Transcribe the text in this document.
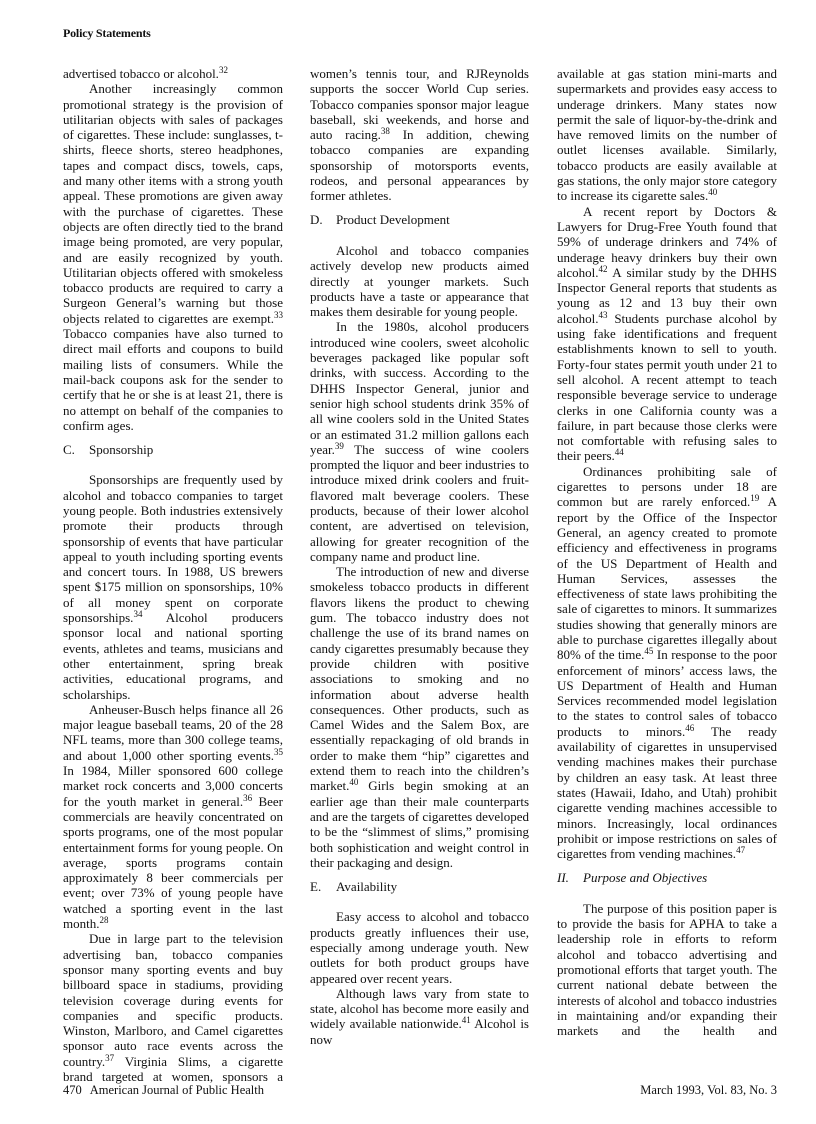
Policy Statements

advertised tobacco or alcohol.$^{32}$

Another increasingly common promotional strategy is the provision of utilitarian objects with sales of packages of cigarettes. These include: sunglasses, t-shirts, fleece shorts, stereo headphones, tapes and compact discs, towels, caps, and many other items with a strong youth appeal. These promotions are given away with the purchase of cigarettes. These objects are often directly tied to the brand image being promoted, are very popular, and are easily recognized by youth. Utilitarian objects offered with smokeless tobacco products are required to carry a Surgeon General’s warning but those objects related to cigarettes are exempt.$^{33}$ Tobacco companies have also turned to direct mail efforts and coupons to build mailing lists of consumers. While the mail-back coupons ask for the sender to certify that he or she is at least 21, there is no attempt on behalf of the companies to confirm ages.

C.	Sponsorship

Sponsorships are frequently used by alcohol and tobacco companies to target young people. Both industries extensively promote their products through sponsorship of events that have particular appeal to youth including sporting events and concert tours. In 1988, US brewers spent $175 million on sponsorships, 10% of all money spent on corporate sponsorships.$^{34}$ Alcohol producers sponsor local and national sporting events, athletes and teams, musicians and other entertainment, spring break activities, educational programs, and scholarships.

Anheuser-Busch helps finance all 26 major league baseball teams, 20 of the 28 NFL teams, more than 300 college teams, and about 1,000 other sporting events.$^{35}$ In 1984, Miller sponsored 600 college market rock concerts and 3,000 concerts for the youth market in general.$^{36}$ Beer commercials are heavily concentrated on sports programs, one of the most popular entertainment forms for young people. On average, sports programs contain approximately 8 beer commercials per event; over 73% of young people have watched a sporting event in the last month.$^{28}$

Due in large part to the television advertising ban, tobacco companies sponsor many sporting events and buy billboard space in stadiums, providing television coverage during events for companies and specific products. Winston, Marlboro, and Camel cigarettes sponsor auto race events across the country.$^{37}$ Virginia Slims, a cigarette brand targeted at women, sponsors a

women’s tennis tour, and RJReynolds supports the soccer World Cup series. Tobacco companies sponsor major league baseball, ski weekends, and horse and auto racing.$^{38}$ In addition, chewing tobacco companies are expanding sponsorship of motorsports events, rodeos, and personal appearances by former athletes.

D.	Product Development

Alcohol and tobacco companies actively develop new products aimed directly at younger markets. Such products have a taste or appearance that makes them desirable for young people.

In the 1980s, alcohol producers introduced wine coolers, sweet alcoholic beverages packaged like popular soft drinks, with success. According to the DHHS Inspector General, junior and senior high school students drink 35% of all wine coolers sold in the United States or an estimated 31.2 million gallons each year.$^{39}$ The success of wine coolers prompted the liquor and beer industries to introduce mixed drink coolers and fruit-flavored malt beverage coolers. These products, because of their lower alcohol content, are advertised on television, allowing for greater recognition of the company name and product line.

The introduction of new and diverse smokeless tobacco products in different flavors likens the product to chewing gum. The tobacco industry does not challenge the use of its brand names on candy cigarettes presumably because they provide children with positive associations to smoking and no information about adverse health consequences. Other products, such as Camel Wides and the Salem Box, are essentially repackaging of old brands in order to make them “hip” cigarettes and extend them to reach into the children’s market.$^{40}$ Girls begin smoking at an earlier age than their male counterparts and are the targets of cigarettes developed to be the “slimmest of slims,” promising both sophistication and weight control in their packaging and design.

E.	Availability

Easy access to alcohol and tobacco products greatly influences their use, especially among underage youth. New outlets for both product groups have appeared over recent years.

Although laws vary from state to state, alcohol has become more easily and widely available nationwide.$^{41}$ Alcohol is now

available at gas station mini-marts and supermarkets and provides easy access to underage drinkers. Many states now permit the sale of liquor-by-the-drink and have removed limits on the number of outlet licenses available. Similarly, tobacco products are easily available at gas stations, the only major store category to increase its cigarette sales.$^{40}$

A recent report by Doctors & Lawyers for Drug-Free Youth found that 59% of underage drinkers and 74% of underage heavy drinkers buy their own alcohol.$^{42}$ A similar study by the DHHS Inspector General reports that students as young as 12 and 13 buy their own alcohol.$^{43}$ Students purchase alcohol by using fake identifications and frequent establishments known to sell to youth. Forty-four states permit youth under 21 to sell alcohol. A recent attempt to teach responsible beverage service to underage clerks in one California county was a failure, in part because those clerks were not comfortable with refusing sales to their peers.$^{44}$

Ordinances prohibiting sale of cigarettes to persons under 18 are common but are rarely enforced.$^{19}$ A report by the Office of the Inspector General, an agency created to promote efficiency and effectiveness in programs of the US Department of Health and Human Services, assesses the effectiveness of state laws prohibiting the sale of cigarettes to minors. It summarizes studies showing that generally minors are able to purchase cigarettes illegally about 80% of the time.$^{45}$ In response to the poor enforcement of minors’ access laws, the US Department of Health and Human Services recommended model legislation to the states to control sales of tobacco products to minors.$^{46}$ The ready availability of cigarettes in unsupervised vending machines makes their purchase by children an easy task. At least three states (Hawaii, Idaho, and Utah) prohibit cigarette vending machines accessible to minors. Increasingly, local ordinances prohibit or impose restrictions on sales of cigarettes from vending machines.$^{47}$

II.	Purpose and Objectives

The purpose of this position paper is to provide the basis for APHA to take a leadership role in efforts to reform alcohol and tobacco advertising and promotional efforts that target youth. The current national debate between the interests of alcohol and tobacco industries in maintaining and/or expanding their markets and the health and

470 American Journal of Public Health	March 1993, Vol. 83, No. 3
